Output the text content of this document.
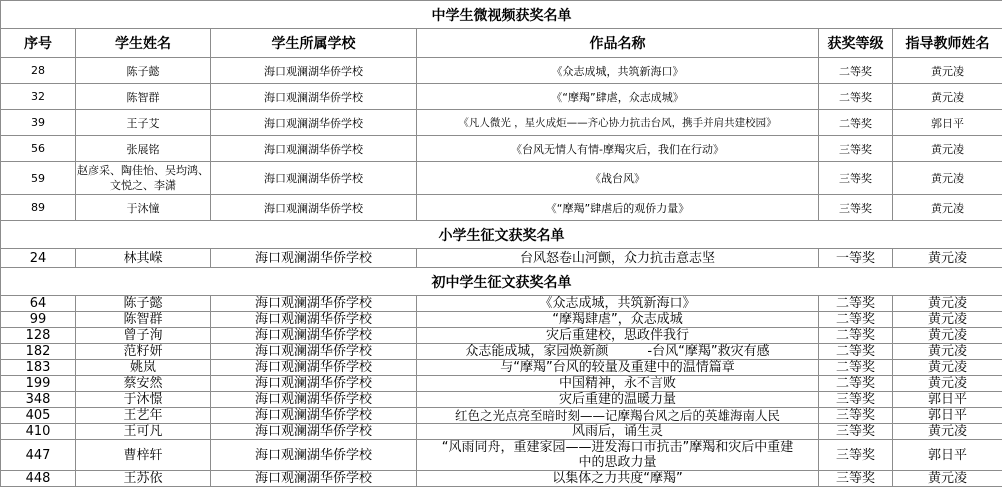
中学生微视频获奖名单					
序号	学生姓名	学生所属学校	作品名称	获奖等级	指导教师姓名
28	陈子懿	海口观澜湖华侨学校	《众志成城，共筑新海口》	二等奖	黄元凌
32	陈智群	海口观澜湖华侨学校	《“摩羯”肆虐，众志成城》	二等奖	黄元凌
39	王子艾	海口观澜湖华侨学校	《凡人微光 ，星火成炬——齐心协力抗击台风，携手并肩共建校园》	二等奖	郭日平
56	张展铭	海口观澜湖华侨学校	《台风无情人有情-摩羯灾后，我们在行动》	三等奖	黄元凌
59	赵彦采、陶佳怡、吴均鸿、文悦之、李潇	海口观澜湖华侨学校	《战台风》	三等奖	黄元凌
89	于沐憧	海口观澜湖华侨学校	《“摩羯”肆虐后的观侨力量》	三等奖	黄元凌
小学生征文获奖名单					
24	林其嵘	海口观澜湖华侨学校	台风怒卷山河颤，众力抗击意志坚	一等奖	黄元凌
初中学生征文获奖名单					
64	陈子懿	海口观澜湖华侨学校	《众志成城，共筑新海口》	二等奖	黄元凌
99	陈智群	海口观澜湖华侨学校	“摩羯肆虐”，众志成城	二等奖	黄元凌
128	曾子洵	海口观澜湖华侨学校	灾后重建校，思政伴我行	二等奖	黄元凌
182	范籽妍	海口观澜湖华侨学校	众志能成城，家园焕新颜　　　-台风“摩羯”救灾有感	二等奖	黄元凌
183	姚岚	海口观澜湖华侨学校	与“摩羯”台风的较量及重建中的温情篇章	二等奖	黄元凌
199	蔡安然	海口观澜湖华侨学校	中国精神，永不言败	二等奖	黄元凌
348	于沐憬	海口观澜湖华侨学校	灾后重建的温暖力量	三等奖	郭日平
405	王艺年	海口观澜湖华侨学校	红色之光点亮至暗时刻——记摩羯台风之后的英雄海南人民	三等奖	郭日平
410	王可凡	海口观澜湖华侨学校	风雨后，诵生灵	三等奖	黄元凌
447	曹梓轩	海口观澜湖华侨学校	“风雨同舟，重建家园——进发海口市抗击”摩羯和灾后中重建中的思政力量	三等奖	郭日平
448	王苏依	海口观澜湖华侨学校	以集体之力共度“摩羯”	三等奖	黄元凌
